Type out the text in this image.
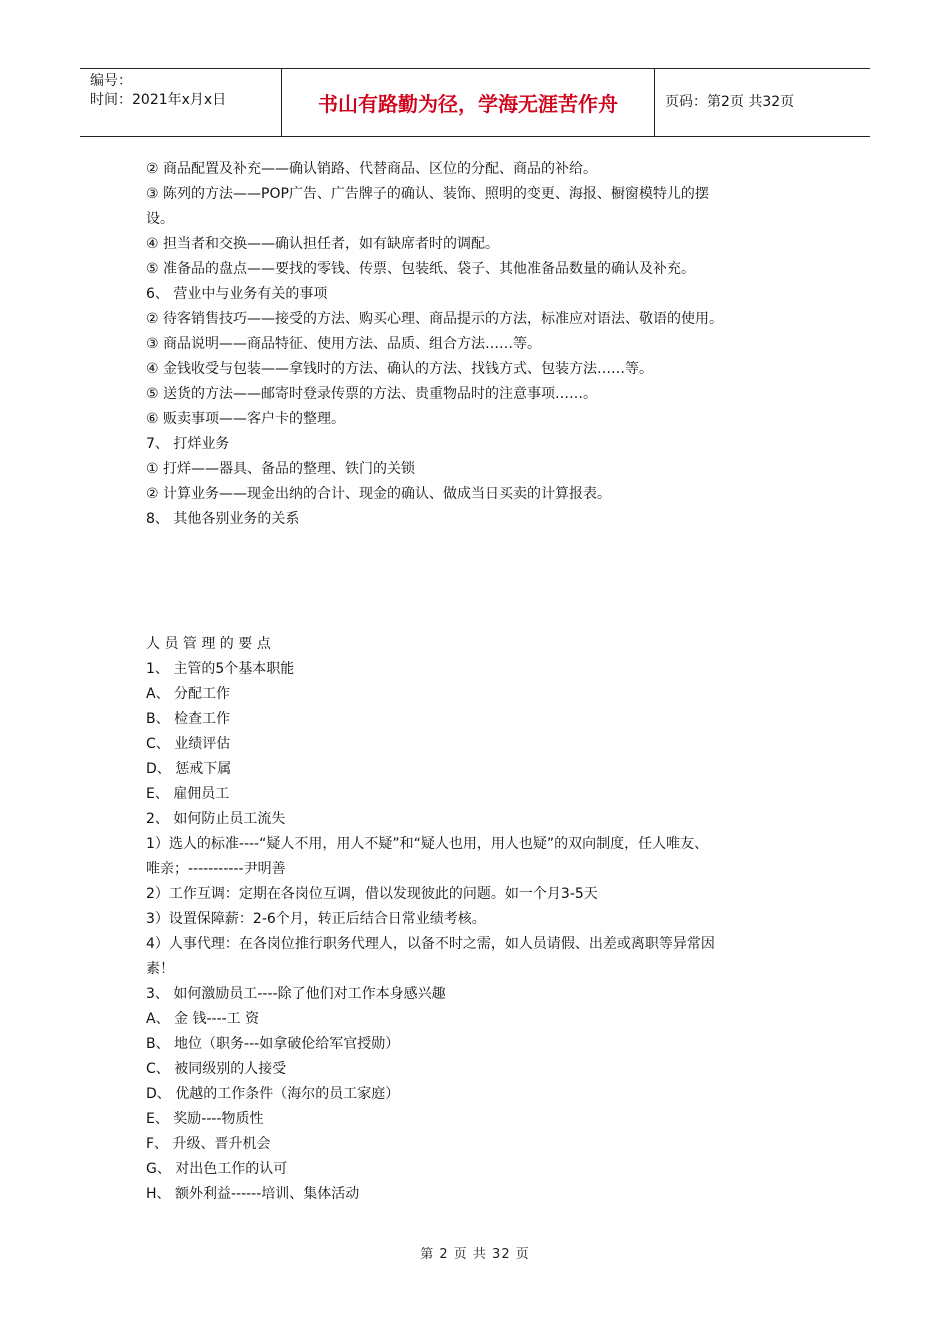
编号：
时间：2021年x月x日	书山有路勤为径，学海无涯苦作舟	页码：第2页 共32页
② 商品配置及补充——确认销路、代替商品、区位的分配、商品的补给。
③ 陈列的方法——POP广告、广告牌子的确认、装饰、照明的变更、海报、橱窗模特儿的摆
设。
④ 担当者和交换——确认担任者，如有缺席者时的调配。
⑤ 准备品的盘点——要找的零钱、传票、包装纸、袋子、其他准备品数量的确认及补充。
6、 营业中与业务有关的事项
② 待客销售技巧——接受的方法、购买心理、商品提示的方法，标准应对语法、敬语的使用。
③ 商品说明——商品特征、使用方法、品质、组合方法……等。
④ 金钱收受与包装——拿钱时的方法、确认的方法、找钱方式、包装方法……等。
⑤ 送货的方法——邮寄时登录传票的方法、贵重物品时的注意事项……。
⑥ 贩卖事项——客户卡的整理。
7、 打烊业务
① 打烊——器具、备品的整理、铁门的关锁
② 计算业务——现金出纳的合计、现金的确认、做成当日买卖的计算报表。
8、 其他各别业务的关系
人 员 管 理 的 要 点
1、 主管的5个基本职能
A、 分配工作
B、 检查工作
C、 业绩评估
D、 惩戒下属
E、 雇佣员工
2、 如何防止员工流失
1）选人的标准----“疑人不用，用人不疑”和“疑人也用，用人也疑”的双向制度，任人唯友、
唯亲；-----------尹明善
2）工作互调：定期在各岗位互调，借以发现彼此的问题。如一个月3-5天
3）设置保障薪：2-6个月，转正后结合日常业绩考核。
4）人事代理：在各岗位推行职务代理人，以备不时之需，如人员请假、出差或离职等异常因
素！
3、 如何激励员工----除了他们对工作本身感兴趣
A、 金 钱----工 资
B、 地位（职务---如拿破伦给军官授勋）
C、 被同级别的人接受
D、 优越的工作条件（海尔的员工家庭）
E、 奖励----物质性
F、 升级、晋升机会
G、 对出色工作的认可
H、 额外利益------培训、集体活动
第 2 页 共 32 页
